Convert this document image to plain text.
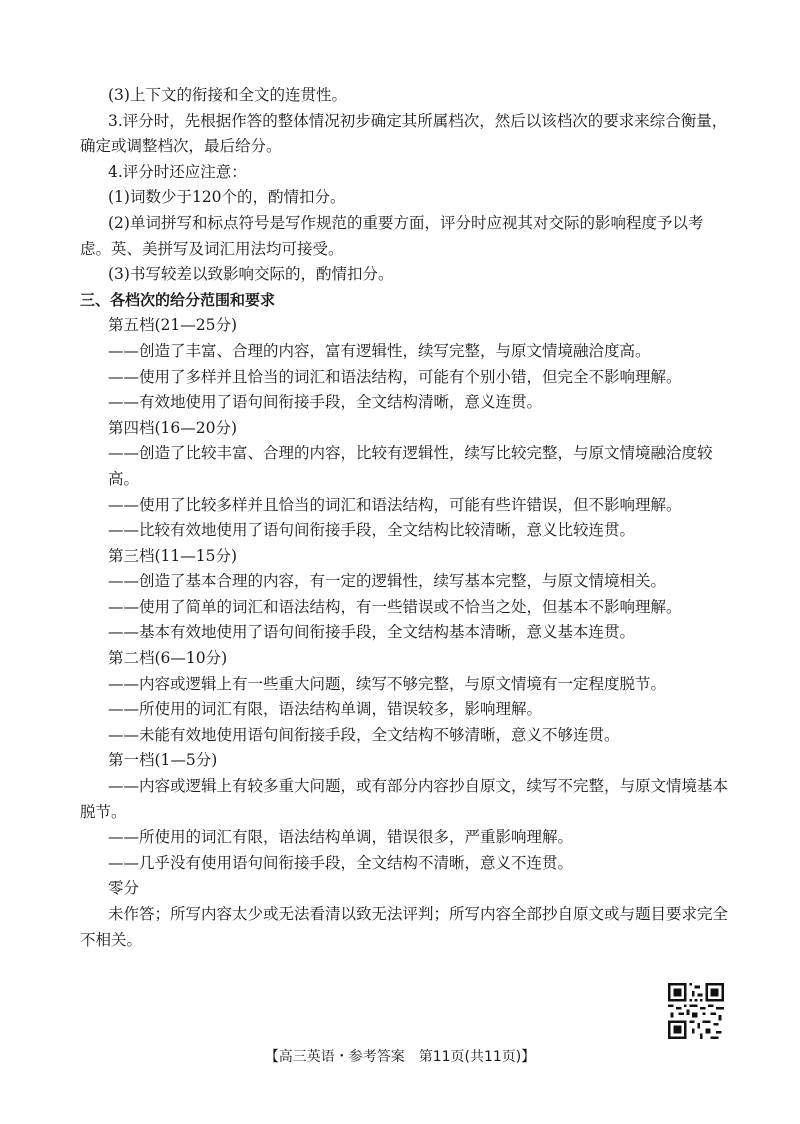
(3)上下文的衔接和全文的连贯性。

3.评分时，先根据作答的整体情况初步确定其所属档次，然后以该档次的要求来综合衡量，确定或调整档次，最后给分。

4.评分时还应注意：

(1)词数少于120个的，酌情扣分。

(2)单词拼写和标点符号是写作规范的重要方面，评分时应视其对交际的影响程度予以考虑。英、美拼写及词汇用法均可接受。

(3)书写较差以致影响交际的，酌情扣分。

三、各档次的给分范围和要求

第五档(21—25分)

——创造了丰富、合理的内容，富有逻辑性，续写完整，与原文情境融洽度高。

——使用了多样并且恰当的词汇和语法结构，可能有个别小错，但完全不影响理解。

——有效地使用了语句间衔接手段，全文结构清晰，意义连贯。

第四档(16—20分)

——创造了比较丰富、合理的内容，比较有逻辑性，续写比较完整，与原文情境融洽度较高。

——使用了比较多样并且恰当的词汇和语法结构，可能有些许错误，但不影响理解。

——比较有效地使用了语句间衔接手段，全文结构比较清晰，意义比较连贯。

第三档(11—15分)

——创造了基本合理的内容，有一定的逻辑性，续写基本完整，与原文情境相关。

——使用了简单的词汇和语法结构，有一些错误或不恰当之处，但基本不影响理解。

——基本有效地使用了语句间衔接手段，全文结构基本清晰，意义基本连贯。

第二档(6—10分)

——内容或逻辑上有一些重大问题，续写不够完整，与原文情境有一定程度脱节。

——所使用的词汇有限，语法结构单调，错误较多，影响理解。

——未能有效地使用语句间衔接手段，全文结构不够清晰，意义不够连贯。

第一档(1—5分)

——内容或逻辑上有较多重大问题，或有部分内容抄自原文，续写不完整，与原文情境基本脱节。

——所使用的词汇有限，语法结构单调，错误很多，严重影响理解。

——几乎没有使用语句间衔接手段，全文结构不清晰，意义不连贯。

零分

未作答；所写内容太少或无法看清以致无法评判；所写内容全部抄自原文或与题目要求完全不相关。

【高三英语・参考答案　第11页(共11页)】
